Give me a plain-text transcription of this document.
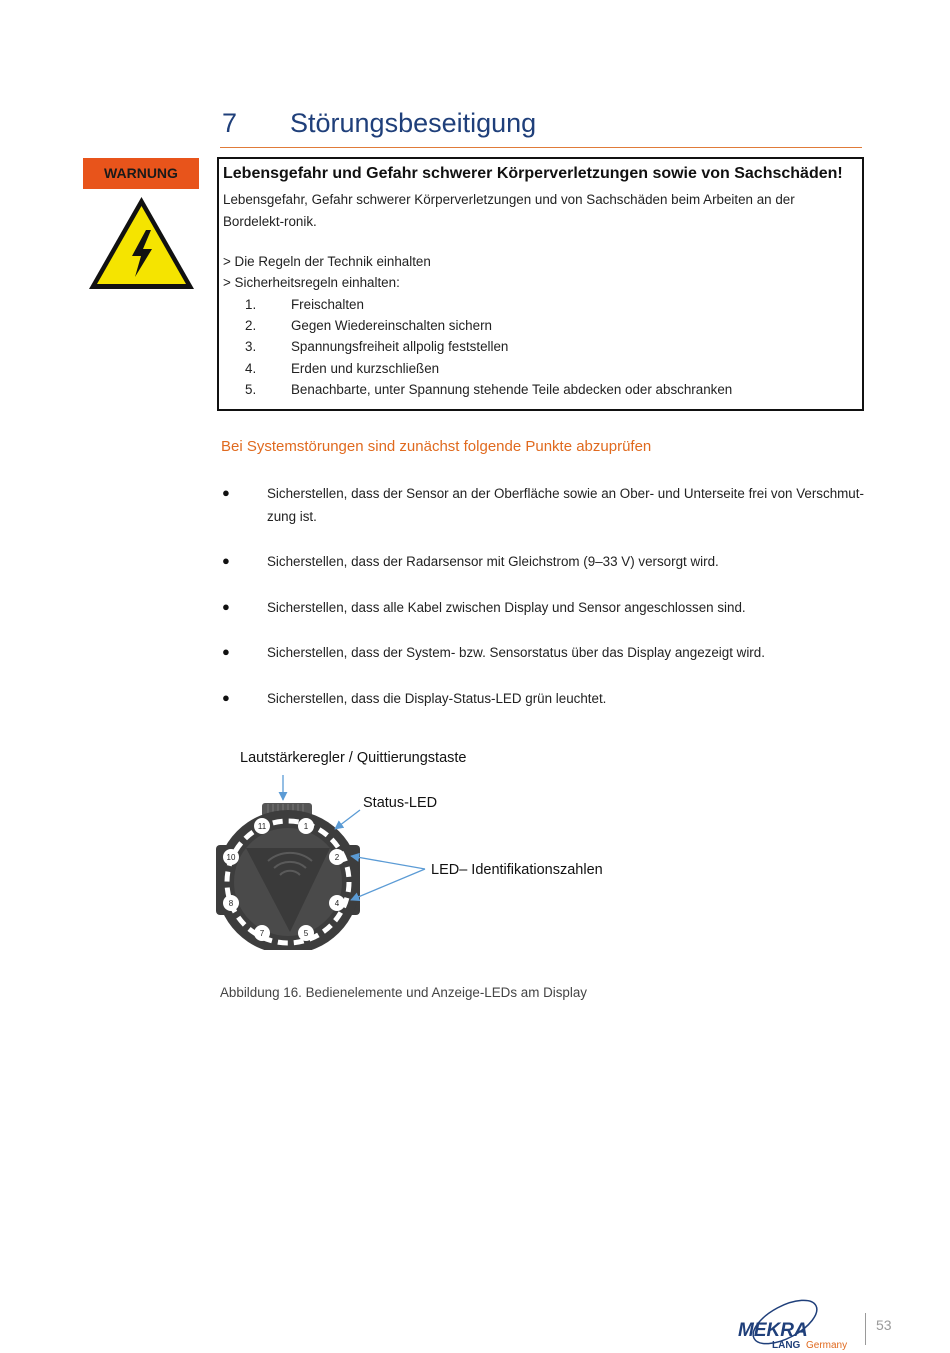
7 Störungsbeseitigung
WARNUNG	Lebensgefahr und Gefahr schwerer Körperverletzungen sowie von Sachschäden!
Lebensgefahr, Gefahr schwerer Körperverletzungen und von Sachschäden beim Arbeiten an der Bordelekt-ronik.
> Die Regeln der Technik einhalten
> Sicherheitsregeln einhalten:
1.	Freischalten
2.	Gegen Wiedereinschalten sichern
3.	Spannungsfreiheit allpolig feststellen
4.	Erden und kurzschließen
5.	Benachbarte, unter Spannung stehende Teile abdecken oder abschranken
Bei Systemstörungen sind zunächst folgende Punkte abzuprüfen
●	Sicherstellen, dass der Sensor an der Oberfläche sowie an Ober- und Unterseite frei von Verschmut-zung ist.
●	Sicherstellen, dass der Radarsensor mit Gleichstrom (9–33 V) versorgt wird.
●	Sicherstellen, dass alle Kabel zwischen Display und Sensor angeschlossen sind.
●	Sicherstellen, dass der System- bzw. Sensorstatus über das Display angezeigt wird.
●	Sicherstellen, dass die Display-Status-LED grün leuchtet.
11	1
10	2
8	4
7	5
Lautstärkeregler / Quittierungstaste
Status-LED
LED– Identifikationszahlen
Abbildung 16. Bedienelemente und Anzeige-LEDs am Display
MEKRA
LANG Germany
53
